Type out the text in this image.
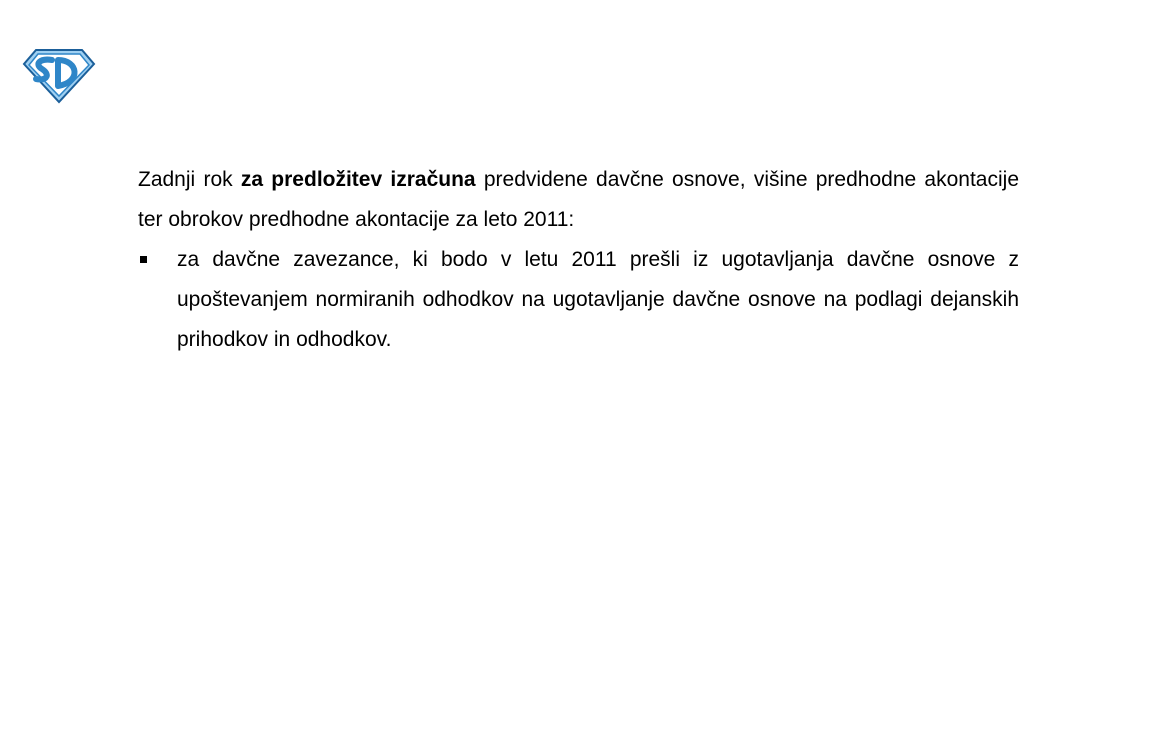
Zadnji rok za predložitev izračuna predvidene davčne osnove, višine predhodne akontacije ter obrokov predhodne akontacije za leto 2011:

za davčne zavezance, ki bodo v letu 2011 prešli iz ugotavljanja davčne osnove z upoštevanjem normiranih odhodkov na ugotavljanje davčne osnove na podlagi dejanskih prihodkov in odhodkov.
